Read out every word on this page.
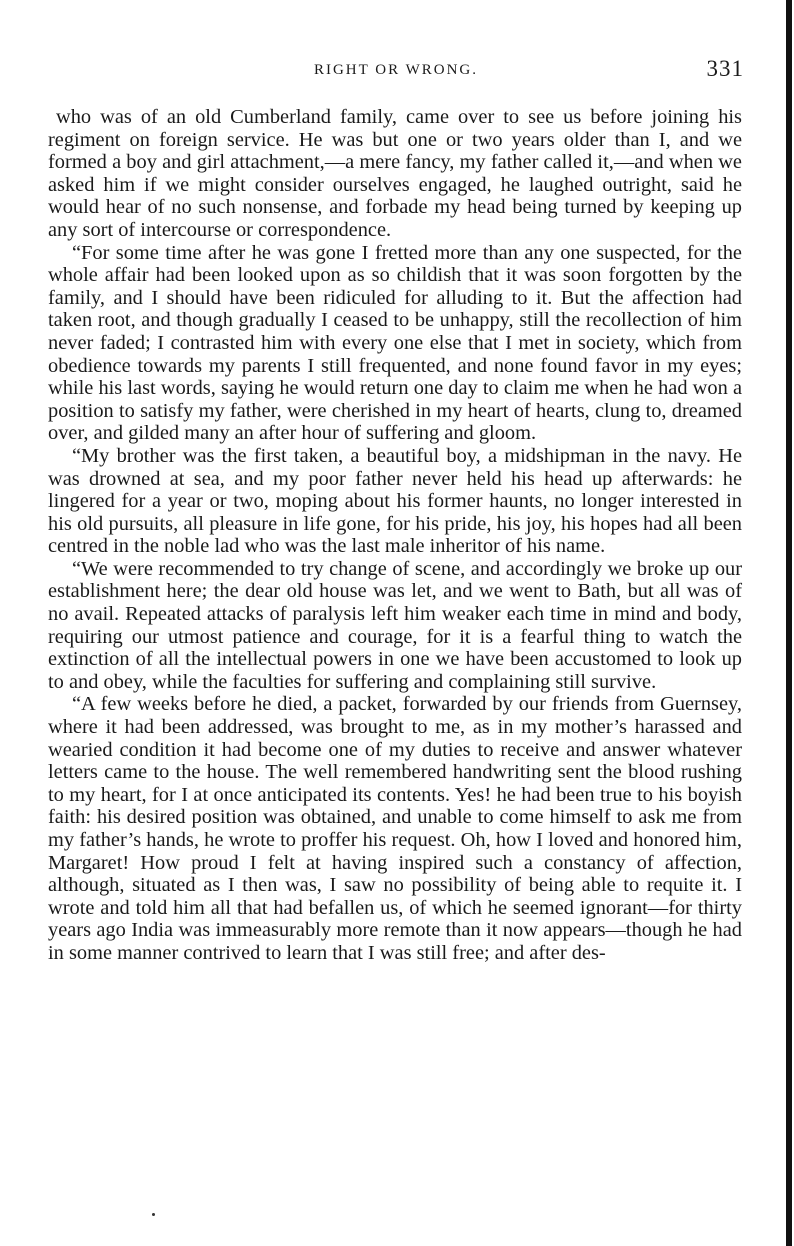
RIGHT OR WRONG.	331

who was of an old Cumberland family, came over to see us before joining his regiment on foreign service. He was but one or two years older than I, and we formed a boy and girl attachment,—a mere fancy, my father called it,—and when we asked him if we might consider ourselves engaged, he laughed outright, said he would hear of no such nonsense, and forbade my head being turned by keeping up any sort of intercourse or correspondence.

“For some time after he was gone I fretted more than any one suspected, for the whole affair had been looked upon as so childish that it was soon forgotten by the family, and I should have been ridiculed for alluding to it. But the affection had taken root, and though gradually I ceased to be unhappy, still the recollection of him never faded; I contrasted him with every one else that I met in society, which from obedience towards my parents I still frequented, and none found favor in my eyes; while his last words, saying he would return one day to claim me when he had won a position to satisfy my father, were cherished in my heart of hearts, clung to, dreamed over, and gilded many an after hour of suffering and gloom.

“My brother was the first taken, a beautiful boy, a midshipman in the navy. He was drowned at sea, and my poor father never held his head up afterwards: he lingered for a year or two, moping about his former haunts, no longer interested in his old pursuits, all pleasure in life gone, for his pride, his joy, his hopes had all been centred in the noble lad who was the last male inheritor of his name.

“We were recommended to try change of scene, and accordingly we broke up our establishment here; the dear old house was let, and we went to Bath, but all was of no avail. Repeated attacks of paralysis left him weaker each time in mind and body, requiring our utmost patience and courage, for it is a fearful thing to watch the extinction of all the intellectual powers in one we have been accustomed to look up to and obey, while the faculties for suffering and complaining still survive.

“A few weeks before he died, a packet, forwarded by our friends from Guernsey, where it had been addressed, was brought to me, as in my mother’s harassed and wearied condition it had become one of my duties to receive and answer whatever letters came to the house. The well remembered handwriting sent the blood rushing to my heart, for I at once anticipated its contents. Yes! he had been true to his boyish faith: his desired position was obtained, and unable to come himself to ask me from my father’s hands, he wrote to proffer his request. Oh, how I loved and honored him, Margaret! How proud I felt at having inspired such a constancy of affection, although, situated as I then was, I saw no possibility of being able to requite it. I wrote and told him all that had befallen us, of which he seemed ignorant—for thirty years ago India was immeasurably more remote than it now appears—though he had in some manner contrived to learn that I was still free; and after des-
